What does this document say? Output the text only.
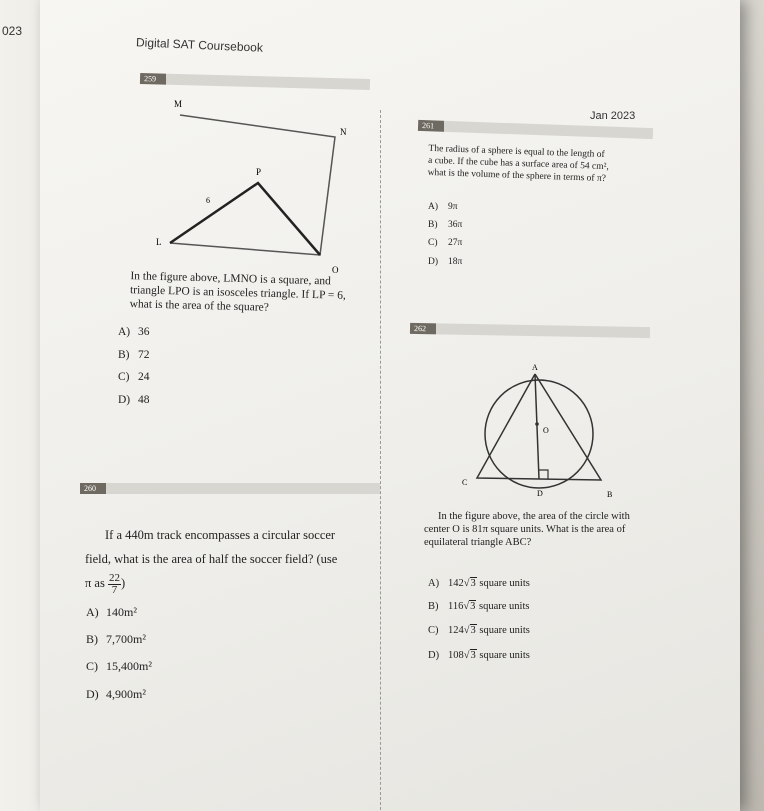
023
Digital SAT Coursebook
Jan 2023
259
M
N
P
L
O
6
In the figure above, LMNO is a square, and
triangle LPO is an isosceles triangle. If LP = 6,
what is the area of the square?
A) 36
B) 72
C) 24
D) 48
260
If a 440m track encompasses a circular soccer
field, what is the area of half the soccer field? (use
π as $\frac{22}{7}$ )
A) 140m²
B) 7,700m²
C) 15,400m²
D) 4,900m²
261
The radius of a sphere is equal to the length of
a cube. If the cube has a surface area of 54 cm²,
what is the volume of the sphere in terms of π?
A) 9π
B) 36π
C) 27π
D) 18π
262
A
O
C
D	B
In the figure above, the area of the circle with
center O is 81π square units. What is the area of
equilateral triangle ABC?
A) 142√3 square units
B) 116√3 square units
C) 124√3 square units
D) 108√3 square units
